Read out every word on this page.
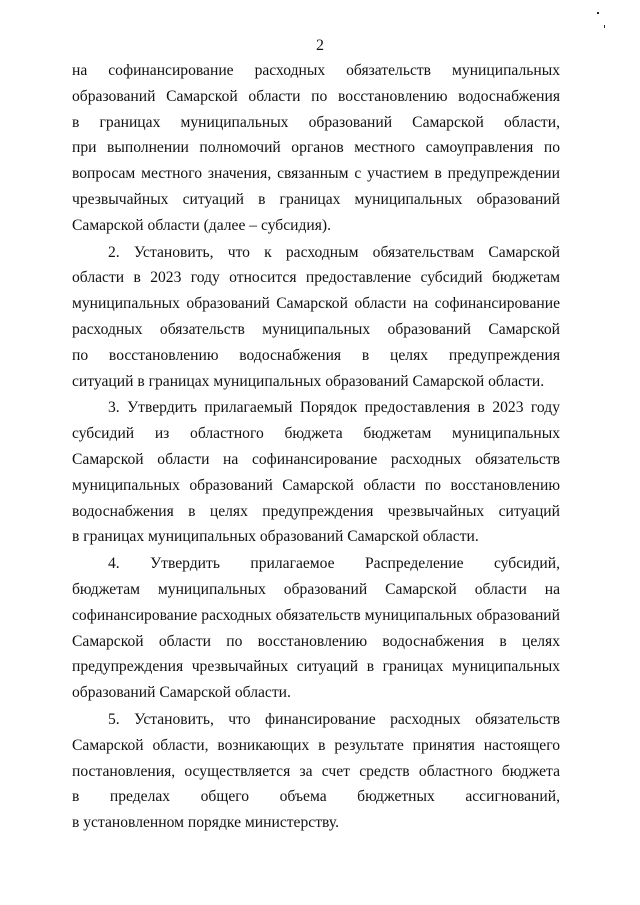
2
на софинансирование расходных обязательств муниципальных
образований Самарской области по восстановлению водоснабжения
в границах муниципальных образований Самарской области,
при выполнении полномочий органов местного самоуправления по
вопросам местного значения, связанным с участием в предупреждении
чрезвычайных ситуаций в границах муниципальных образований
Самарской области (далее – субсидия).
2. Установить, что к расходным обязательствам Самарской
области в 2023 году относится предоставление субсидий бюджетам
муниципальных образований Самарской области на софинансирование
расходных обязательств муниципальных образований Самарской
по восстановлению водоснабжения в целях предупреждения
ситуаций в границах муниципальных образований Самарской области.
3. Утвердить прилагаемый Порядок предоставления в 2023 году
субсидий из областного бюджета бюджетам муниципальных
Самарской области на софинансирование расходных обязательств
муниципальных образований Самарской области по восстановлению
водоснабжения в целях предупреждения чрезвычайных ситуаций
в границах муниципальных образований Самарской области.
4. Утвердить прилагаемое Распределение субсидий,
бюджетам муниципальных образований Самарской области на
софинансирование расходных обязательств муниципальных образований
Самарской области по восстановлению водоснабжения в целях
предупреждения чрезвычайных ситуаций в границах муниципальных
образований Самарской области.
5. Установить, что финансирование расходных обязательств
Самарской области, возникающих в результате принятия настоящего
постановления, осуществляется за счет средств областного бюджета
в пределах общего объема бюджетных ассигнований,
в установленном порядке министерству.
